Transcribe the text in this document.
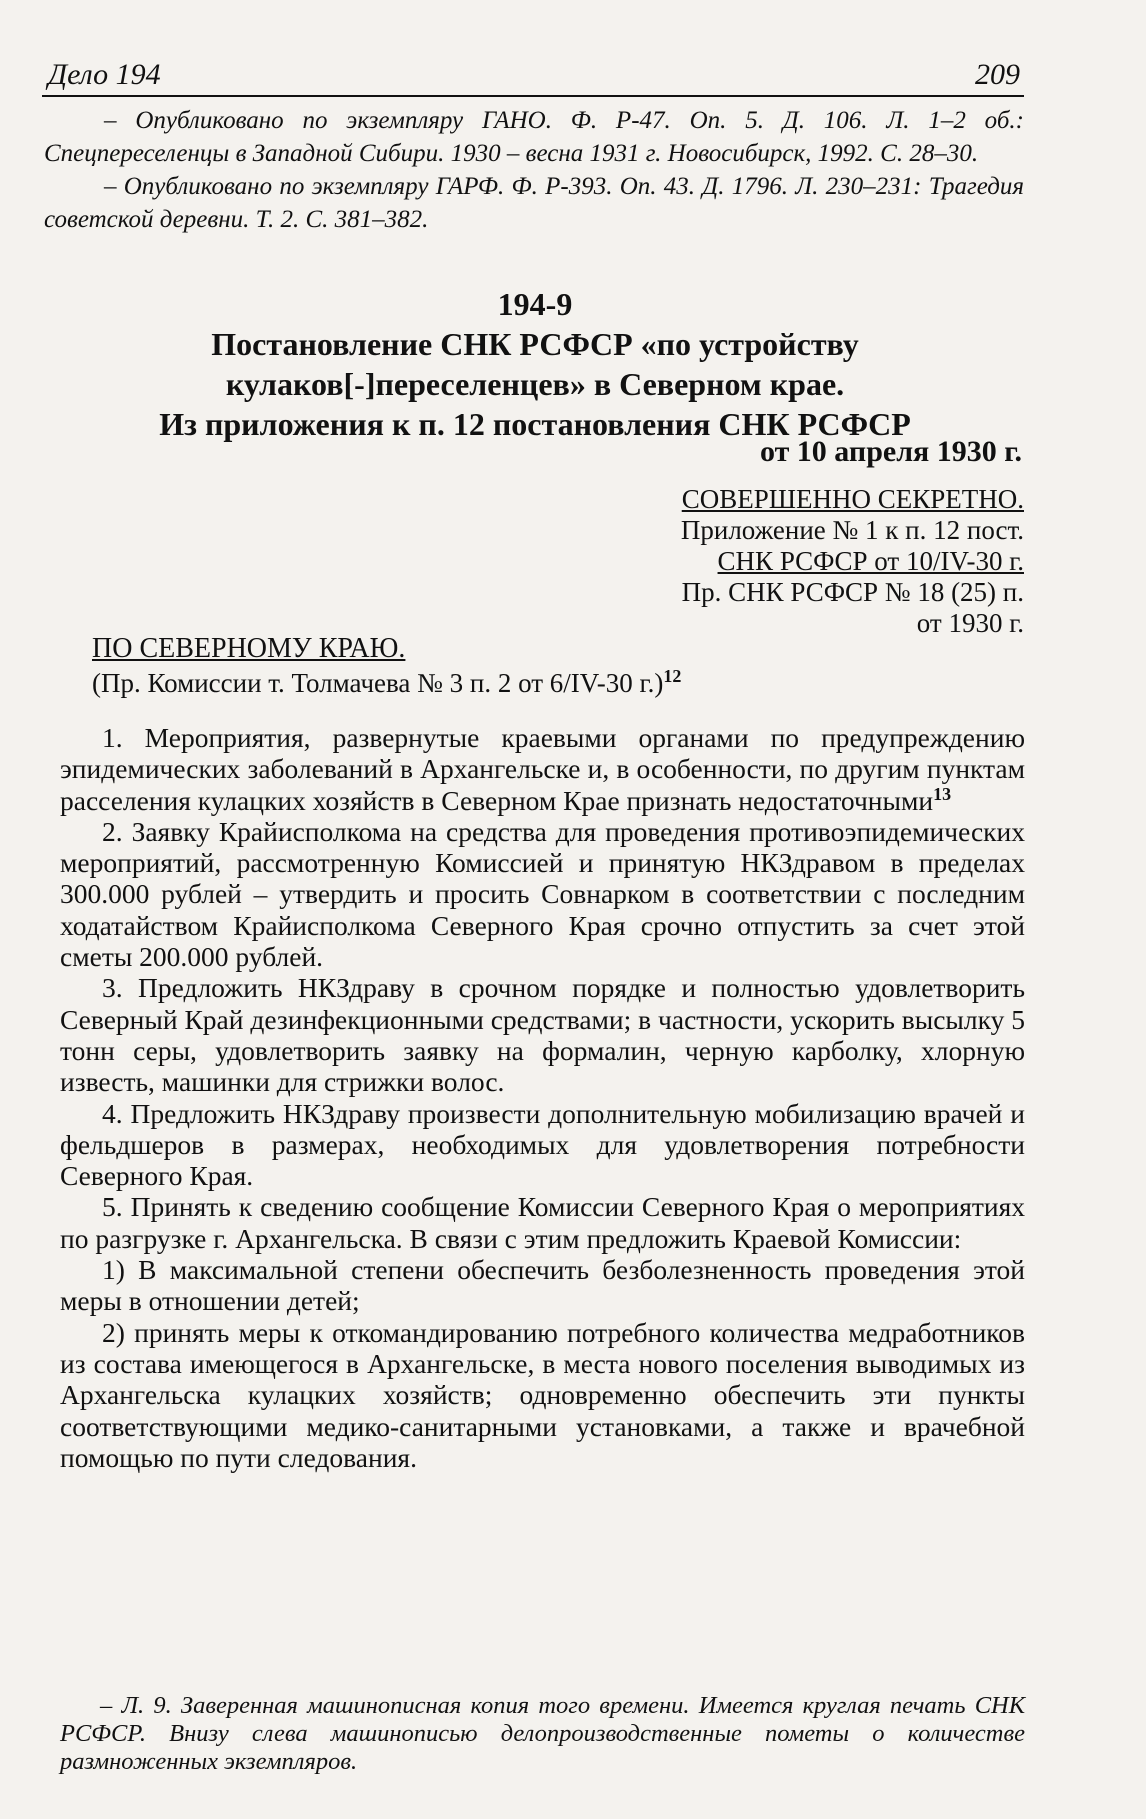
Дело 194	209

– Опубликовано по экземпляру ГАНО. Ф. Р-47. Оп. 5. Д. 106. Л. 1–2 об.: Спецпереселенцы в Западной Сибири. 1930 – весна 1931 г. Новосибирск, 1992. С. 28–30.

– Опубликовано по экземпляру ГАРФ. Ф. Р-393. Оп. 43. Д. 1796. Л. 230–231: Трагедия советской деревни. Т. 2. С. 381–382.

194-9
Постановление СНК РСФСР «по устройству
кулаков[-]переселенцев» в Северном крае.
Из приложения к п. 12 постановления СНК РСФСР
от 10 апреля 1930 г.
СОВЕРШЕННО СЕКРЕТНО.
Приложение № 1 к п. 12 пост.
СНК РСФСР от 10/IV-30 г.
Пр. СНК РСФСР № 18 (25) п.
от 1930 г.
ПО СЕВЕРНОМУ КРАЮ.
(Пр. Комиссии т. Толмачева № 3 п. 2 от 6/IV-30 г.)$^{12}$

1. Мероприятия, развернутые краевыми органами по предупреждению эпидемических заболеваний в Архангельске и, в особенности, по другим пунктам расселения кулацких хозяйств в Северном Крае признать недостаточными$^{13}$

2. Заявку Крайисполкома на средства для проведения противоэпидемических мероприятий, рассмотренную Комиссией и принятую НКЗдравом в пределах 300.000 рублей – утвердить и просить Совнарком в соответствии с последним ходатайством Крайисполкома Северного Края срочно отпустить за счет этой сметы 200.000 рублей.

3. Предложить НКЗдраву в срочном порядке и полностью удовлетворить Северный Край дезинфекционными средствами; в частности, ускорить высылку 5 тонн серы, удовлетворить заявку на формалин, черную карболку, хлорную известь, машинки для стрижки волос.

4. Предложить НКЗдраву произвести дополнительную мобилизацию врачей и фельдшеров в размерах, необходимых для удовлетворения потребности Северного Края.

5. Принять к сведению сообщение Комиссии Северного Края о мероприятиях по разгрузке г. Архангельска. В связи с этим предложить Краевой Комиссии:

1) В максимальной степени обеспечить безболезненность проведения этой меры в отношении детей;

2) принять меры к откомандированию потребного количества медработников из состава имеющегося в Архангельске, в места нового поселения выводимых из Архангельска кулацких хозяйств; одновременно обеспечить эти пункты соответствующими медико-санитарными установками, а также и врачебной помощью по пути следования.

– Л. 9. Заверенная машинописная копия того времени. Имеется круглая печать СНК РСФСР. Внизу слева машинописью делопроизводственные пометы о количестве размноженных экземпляров.
